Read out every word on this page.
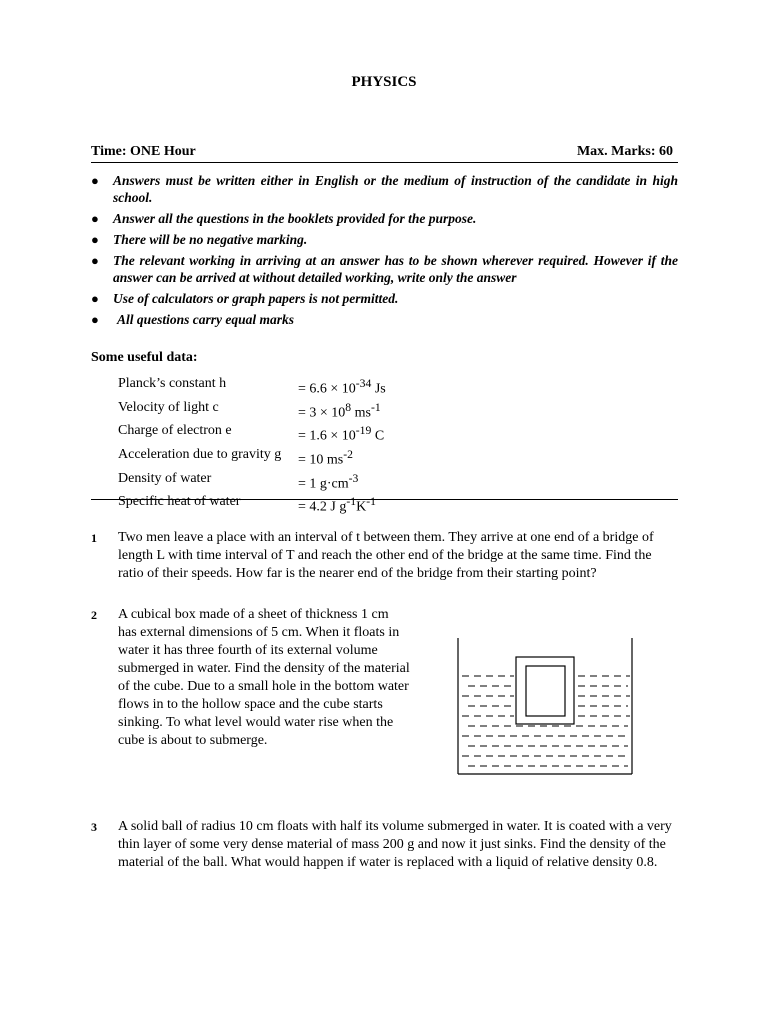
PHYSICS
Time: ONE Hour	Max. Marks: 60
● Answers must be written either in English or the medium of instruction of the candidate in high school.
● Answer all the questions in the booklets provided for the purpose.
● There will be no negative marking.
● The relevant working in arriving at an answer has to be shown wherever required. However if the answer can be arrived at without detailed working, write only the answer
● Use of calculators or graph papers is not permitted.
● All questions carry equal marks
Some useful data:
Planck’s constant h	= $6.6 \times 10^{-34}$ Js
Velocity of light c	= $3 \times 10^8$ $ms^{-1}$
Charge of electron e	= $1.6 \times 10^{-19}$ C
Acceleration due to gravity g	= 10 $ms^{-2}$
Density of water	= 1 $g\cdot cm^{-3}$
Specific heat of water	= 4.2 J $g^{-1}K^{-1}$
1 Two men leave a place with an interval of t between them. They arrive at one end of a bridge of length L with time interval of T and reach the other end of the bridge at the same time. Find the ratio of their speeds. How far is the nearer end of the bridge from their starting point?
2 A cubical box made of a sheet of thickness 1 cm has external dimensions of 5 cm. When it floats in water it has three fourth of its external volume submerged in water. Find the density of the material of the cube. Due to a small hole in the bottom water flows in to the hollow space and the cube starts sinking. To what level would water rise when the cube is about to submerge.
3 A solid ball of radius 10 cm floats with half its volume submerged in water. It is coated with a very thin layer of some very dense material of mass 200 g and now it just sinks. Find the density of the material of the ball. What would happen if water is replaced with a liquid of relative density 0.8.
